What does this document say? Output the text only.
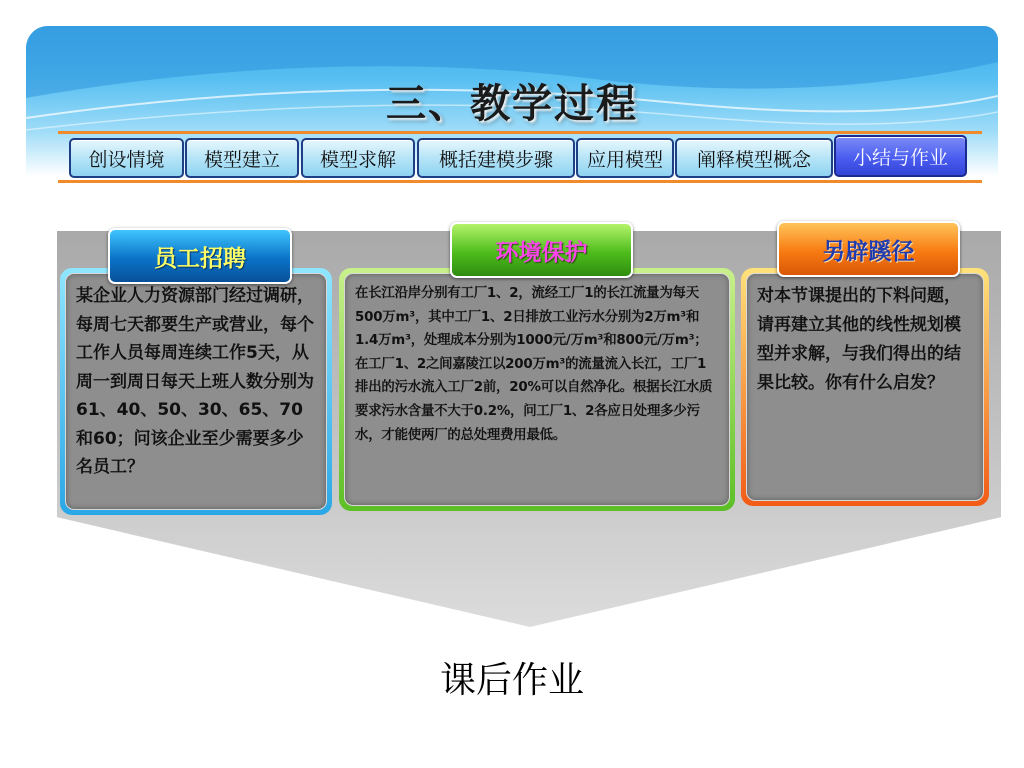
三、教学过程
创设情境	模型建立	模型求解	概括建模步骤	应用模型	阐释模型概念	小结与作业
某企业人力资源部门经过调研，每周七天都要生产或营业，每个工作人员每周连续工作5天，从周一到周日每天上班人数分别为61、40、50、30、65、70和60；问该企业至少需要多少名员工？
员工招聘
在长江沿岸分别有工厂1、2，流经工厂1的长江流量为每天500万m³，其中工厂1、2日排放工业污水分别为2万m³和1.4万m³，处理成本分别为1000元/万m³和800元/万m³；在工厂1、2之间嘉陵江以200万m³的流量流入长江，工厂1排出的污水流入工厂2前，20%可以自然净化。根据长江水质要求污水含量不大于0.2%，问工厂1、2各应日处理多少污水，才能使两厂的总处理费用最低。
环境保护
对本节课提出的下料问题，请再建立其他的线性规划模型并求解，与我们得出的结果比较。你有什么启发？
另辟蹊径
课后作业
